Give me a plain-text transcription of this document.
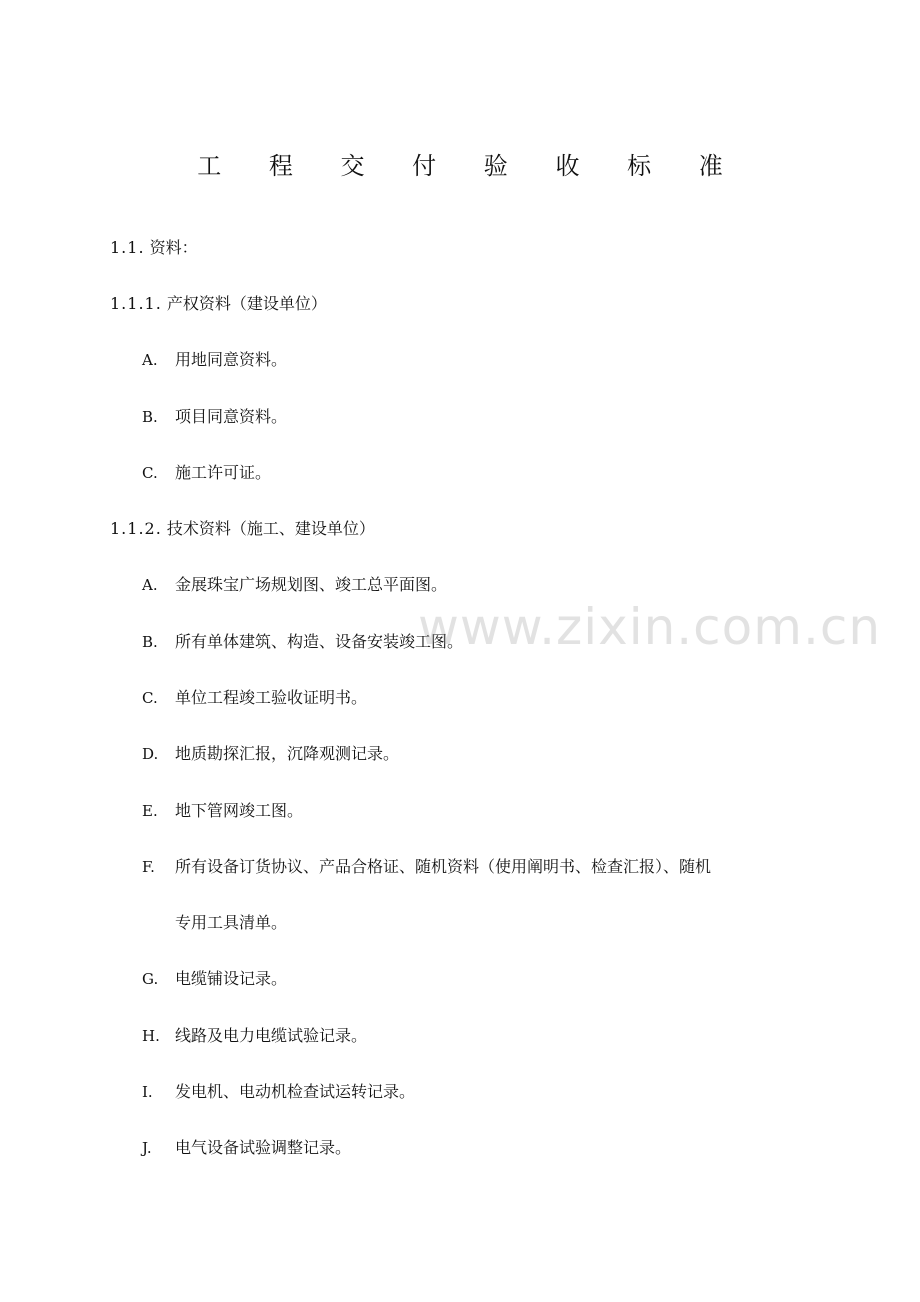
工 程 交 付 验 收 标 准
1.1. 资料：
1.1.1. 产权资料（建设单位）
A. 用地同意资料。
B. 项目同意资料。
C. 施工许可证。
1.1.2. 技术资料（施工、建设单位）
A. 金展珠宝广场规划图、竣工总平面图。
B. 所有单体建筑、构造、设备安装竣工图。
C. 单位工程竣工验收证明书。
D. 地质勘探汇报，沉降观测记录。
E. 地下管网竣工图。
F. 所有设备订货协议、产品合格证、随机资料（使用阐明书、检查汇报）、随机
专用工具清单。
G. 电缆铺设记录。
H. 线路及电力电缆试验记录。
I. 发电机、电动机检查试运转记录。
J. 电气设备试验调整记录。
www.zixin.com.cn
